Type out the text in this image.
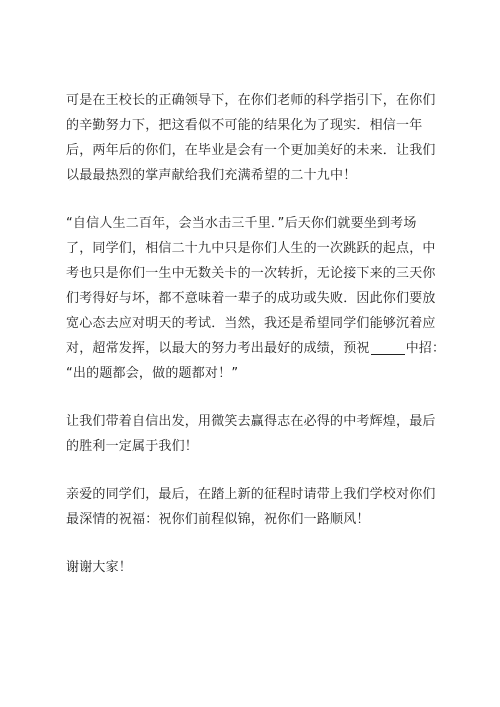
可是在王校长的正确领导下，在你们老师的科学指引下，在你们
的辛勤努力下，把这看似不可能的结果化为了现实．相信一年
后，两年后的你们，在毕业是会有一个更加美好的未来．让我们
以最最热烈的掌声献给我们充满希望的二十九中！
“自信人生二百年，会当水击三千里．”后天你们就要坐到考场
了，同学们，相信二十九中只是你们人生的一次跳跃的起点，中
考也只是你们一生中无数关卡的一次转折，无论接下来的三天你
们考得好与坏，都不意味着一辈子的成功或失败．因此你们要放
宽心态去应对明天的考试．当然，我还是希望同学们能够沉着应
对，超常发挥，以最大的努力考出最好的成绩，预祝	中招：
“出的题都会，做的题都对！”
让我们带着自信出发，用微笑去赢得志在必得的中考辉煌，最后
的胜利一定属于我们！
亲爱的同学们，最后，在踏上新的征程时请带上我们学校对你们
最深情的祝福：祝你们前程似锦，祝你们一路顺风！
谢谢大家！
